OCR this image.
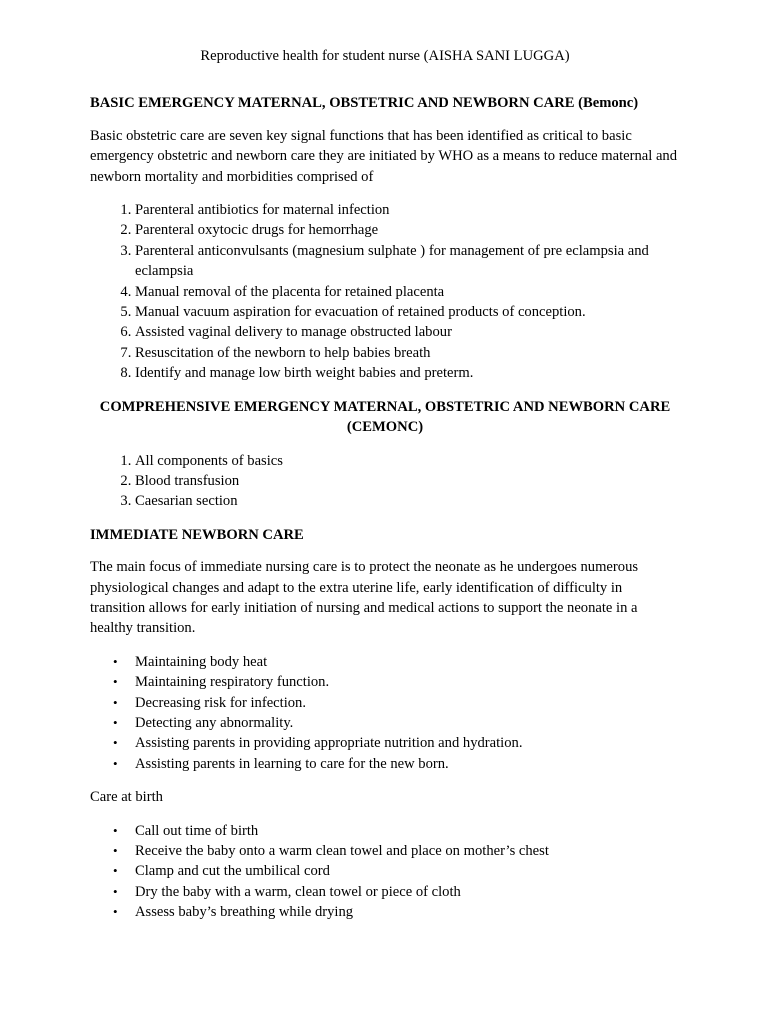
Reproductive health for student nurse (AISHA SANI LUGGA)
BASIC EMERGENCY MATERNAL, OBSTETRIC AND NEWBORN CARE (Bemonc)

Basic obstetric care are seven key signal functions that has been identified as critical to basic emergency obstetric and newborn care they are initiated by WHO as a means to reduce maternal and newborn mortality and morbidities comprised of

1. Parenteral antibiotics for maternal infection
2. Parenteral oxytocic drugs for hemorrhage
3. Parenteral anticonvulsants (magnesium sulphate ) for management of pre eclampsia and eclampsia
4. Manual removal of the placenta for retained placenta
5. Manual vacuum aspiration for evacuation of retained products of conception.
6. Assisted vaginal delivery to manage obstructed labour
7. Resuscitation of the newborn to help babies breath
8. Identify and manage low birth weight babies and preterm.
COMPREHENSIVE EMERGENCY MATERNAL, OBSTETRIC AND NEWBORN CARE (CEMONC)
1. All components of basics
2. Blood transfusion
3. Caesarian section
IMMEDIATE NEWBORN CARE

The main focus of immediate nursing care is to protect the neonate as he undergoes numerous physiological changes and adapt to the extra uterine life, early identification of difficulty in transition allows for early initiation of nursing and medical actions to support the neonate in a healthy transition.

• Maintaining body heat
• Maintaining respiratory function.
• Decreasing risk for infection.
• Detecting any abnormality.
• Assisting parents in providing appropriate nutrition and hydration.
• Assisting parents in learning to care for the new born.

Care at birth

• Call out time of birth
• Receive the baby onto a warm clean towel and place on mother’s chest
• Clamp and cut the umbilical cord
• Dry the baby with a warm, clean towel or piece of cloth
• Assess baby’s breathing while drying
